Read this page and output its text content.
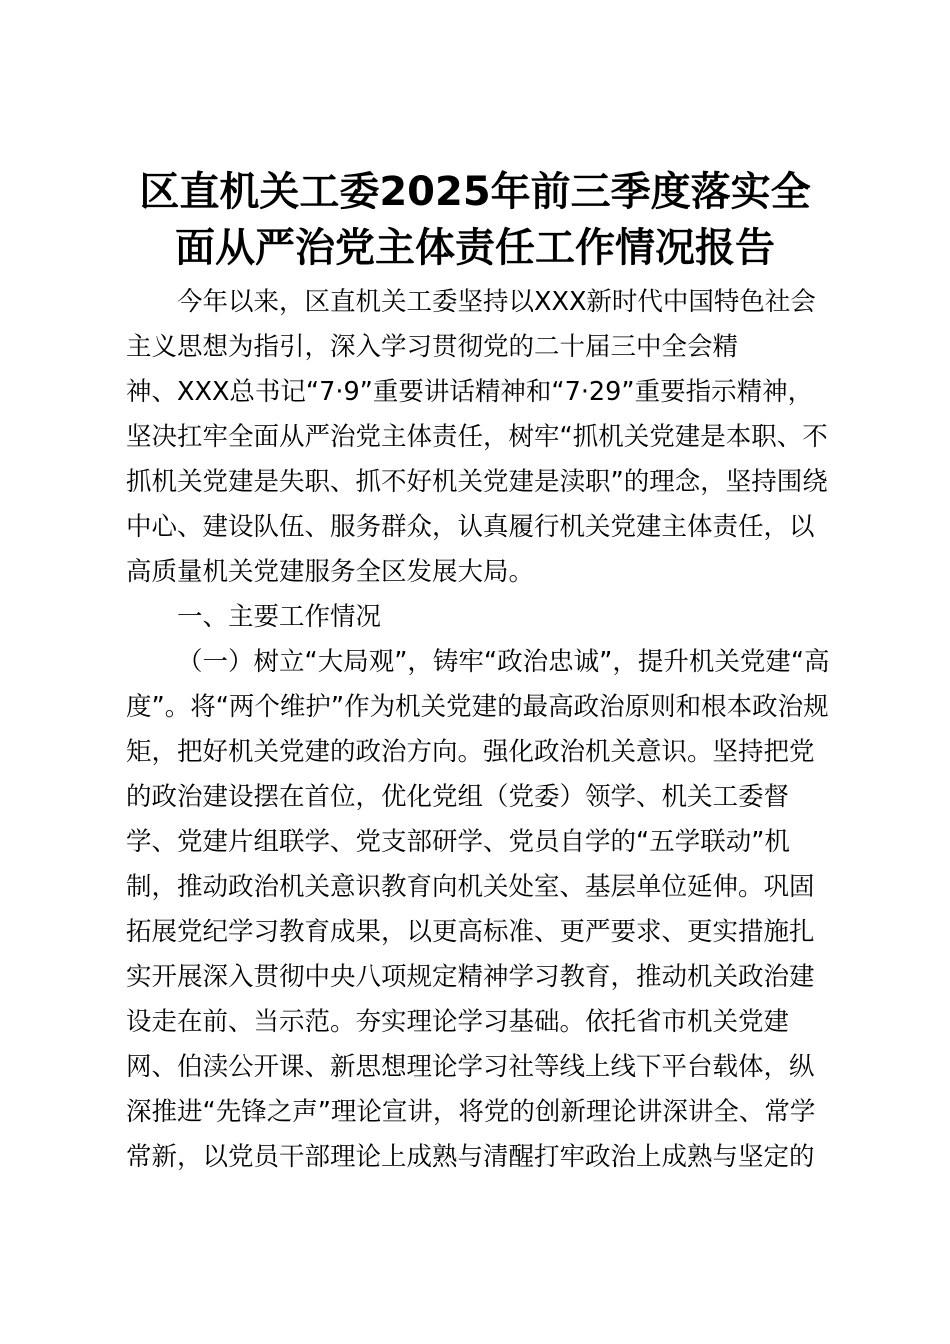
区直机关工委2025年前三季度落实全
面从严治党主体责任工作情况报告
今年以来，区直机关工委坚持以XXX新时代中国特色社会
主义思想为指引，深入学习贯彻党的二十届三中全会精
神、XXX总书记“7·9”重要讲话精神和“7·29”重要指示精神，
坚决扛牢全面从严治党主体责任，树牢“抓机关党建是本职、不
抓机关党建是失职、抓不好机关党建是渎职”的理念，坚持围绕
中心、建设队伍、服务群众，认真履行机关党建主体责任，以
高质量机关党建服务全区发展大局。
一、主要工作情况
（一）树立“大局观”，铸牢“政治忠诚”，提升机关党建“高
度”。将“两个维护”作为机关党建的最高政治原则和根本政治规
矩，把好机关党建的政治方向。强化政治机关意识。坚持把党
的政治建设摆在首位，优化党组（党委）领学、机关工委督
学、党建片组联学、党支部研学、党员自学的“五学联动”机
制，推动政治机关意识教育向机关处室、基层单位延伸。巩固
拓展党纪学习教育成果，以更高标准、更严要求、更实措施扎
实开展深入贯彻中央八项规定精神学习教育，推动机关政治建
设走在前、当示范。夯实理论学习基础。依托省市机关党建
网、伯渎公开课、新思想理论学习社等线上线下平台载体，纵
深推进“先锋之声”理论宣讲，将党的创新理论讲深讲全、常学
常新，以党员干部理论上成熟与清醒打牢政治上成熟与坚定的
